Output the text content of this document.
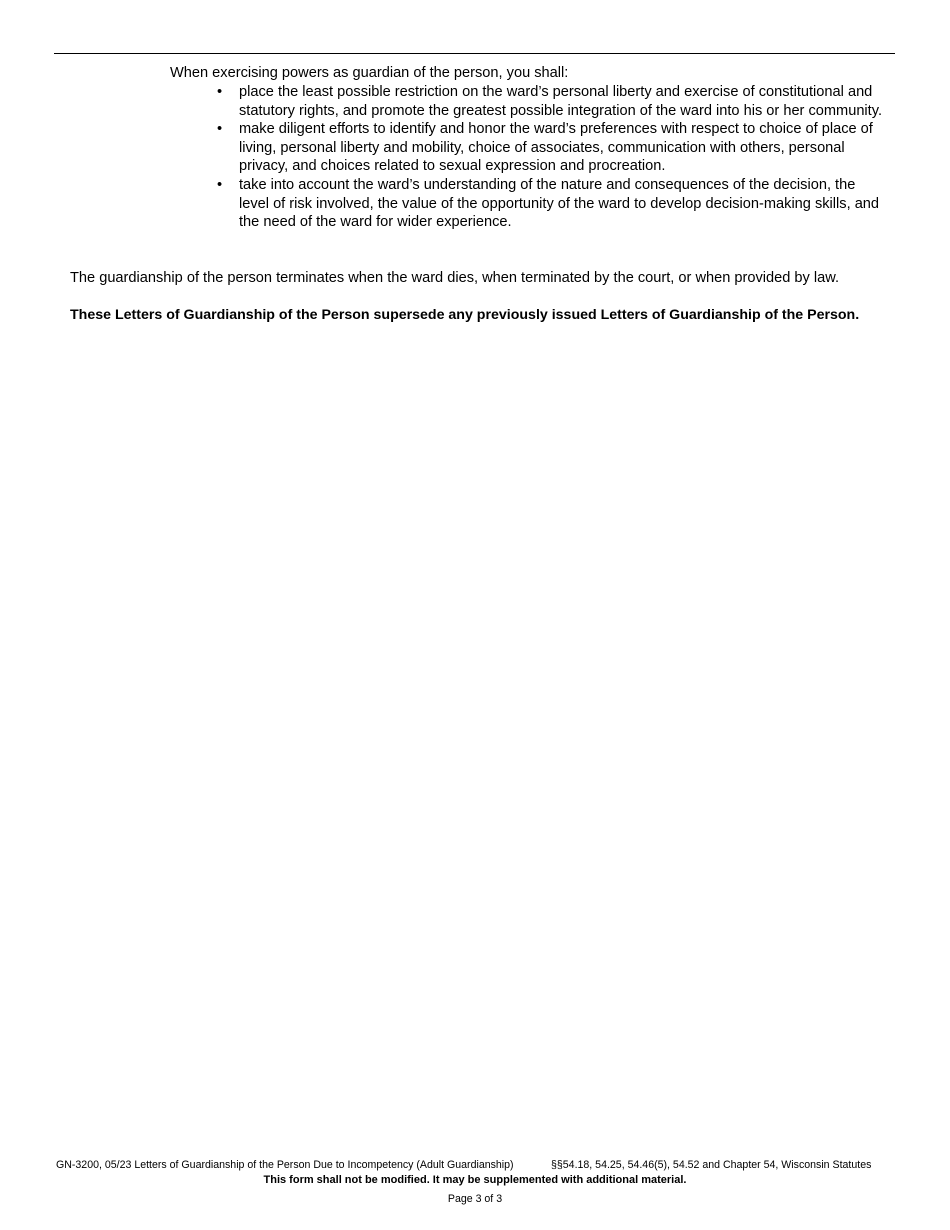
When exercising powers as guardian of the person, you shall:

•	place the least possible restriction on the ward’s personal liberty and exercise of constitutional and statutory rights, and promote the greatest possible integration of the ward into his or her community.
•	make diligent efforts to identify and honor the ward’s preferences with respect to choice of place of living, personal liberty and mobility, choice of associates, communication with others, personal privacy, and choices related to sexual expression and procreation.
•	take into account the ward’s understanding of the nature and consequences of the decision, the level of risk involved, the value of the opportunity of the ward to develop decision-making skills, and the need of the ward for wider experience.

The guardianship of the person terminates when the ward dies, when terminated by the court, or when provided by law.

These Letters of Guardianship of the Person supersede any previously issued Letters of Guardianship of the Person.

GN-3200, 05/23 Letters of Guardianship of the Person Due to Incompetency (Adult Guardianship)	§§54.18, 54.25, 54.46(5), 54.52 and Chapter 54, Wisconsin Statutes

This form shall not be modified. It may be supplemented with additional material.

Page 3 of 3
